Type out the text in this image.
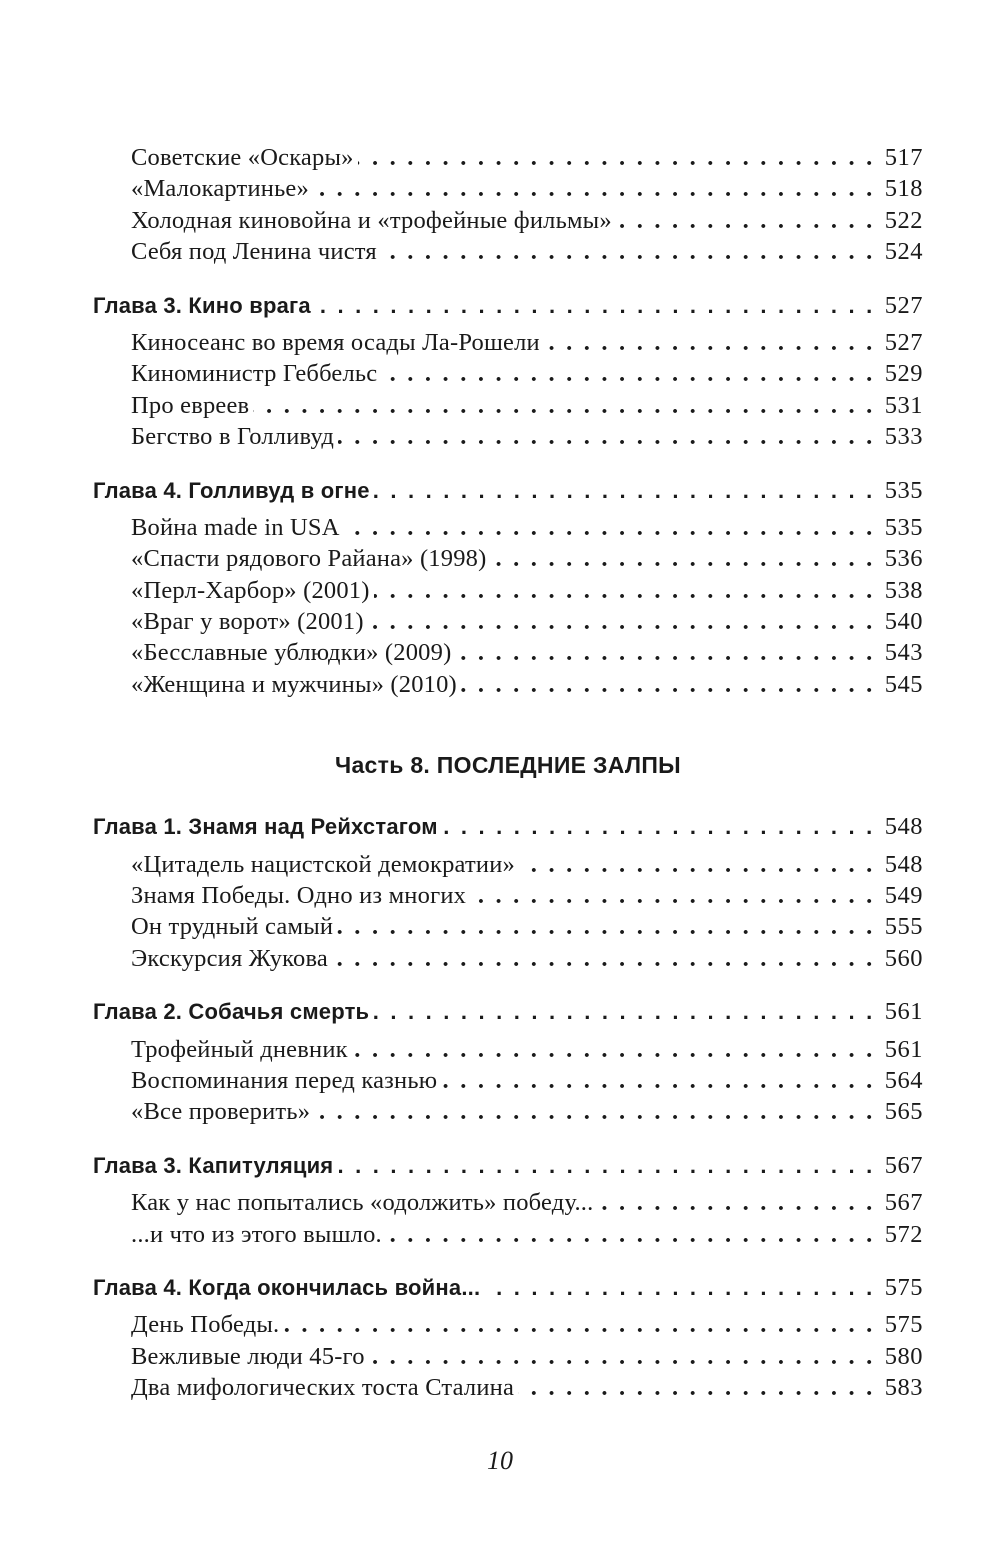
Советские «Оскары» . . .	517
«Малокартинье» . . .	518
Холодная киновойна и «трофейные фильмы» . . .	522
Себя под Ленина чистя . . .	524
Глава 3. Кино врага . . .	527
Киносеанс во время осады Ла-Рошели . . .	527
Киноминистр Геббельс . . .	529
Про евреев . . .	531
Бегство в Голливуд . . .	533
Глава 4. Голливуд в огне . . .	535
Война made in USA . . .	535
«Спасти рядового Райана» (1998) . . .	536
«Перл-Харбор» (2001) . . .	538
«Враг у ворот» (2001) . . .	540
«Бесславные ублюдки» (2009) . . .	543
«Женщина и мужчины» (2010) . . .	545
Часть 8. ПОСЛЕДНИЕ ЗАЛПЫ
Глава 1. Знамя над Рейхстагом . . .	548
«Цитадель нацистской демократии» . . .	548
Знамя Победы. Одно из многих . . .	549
Он трудный самый . . .	555
Экскурсия Жукова . . .	560
Глава 2. Собачья смерть . . .	561
Трофейный дневник . . .	561
Воспоминания перед казнью . . .	564
«Все проверить» . . .	565
Глава 3. Капитуляция . . .	567
Как у нас попытались «одолжить» победу... . . .	567
...и что из этого вышло. . . .	572
Глава 4. Когда окончилась война... . . .	575
День Победы. . . .	575
Вежливые люди 45-го . . .	580
Два мифологических тоста Сталина . . .	583
10
